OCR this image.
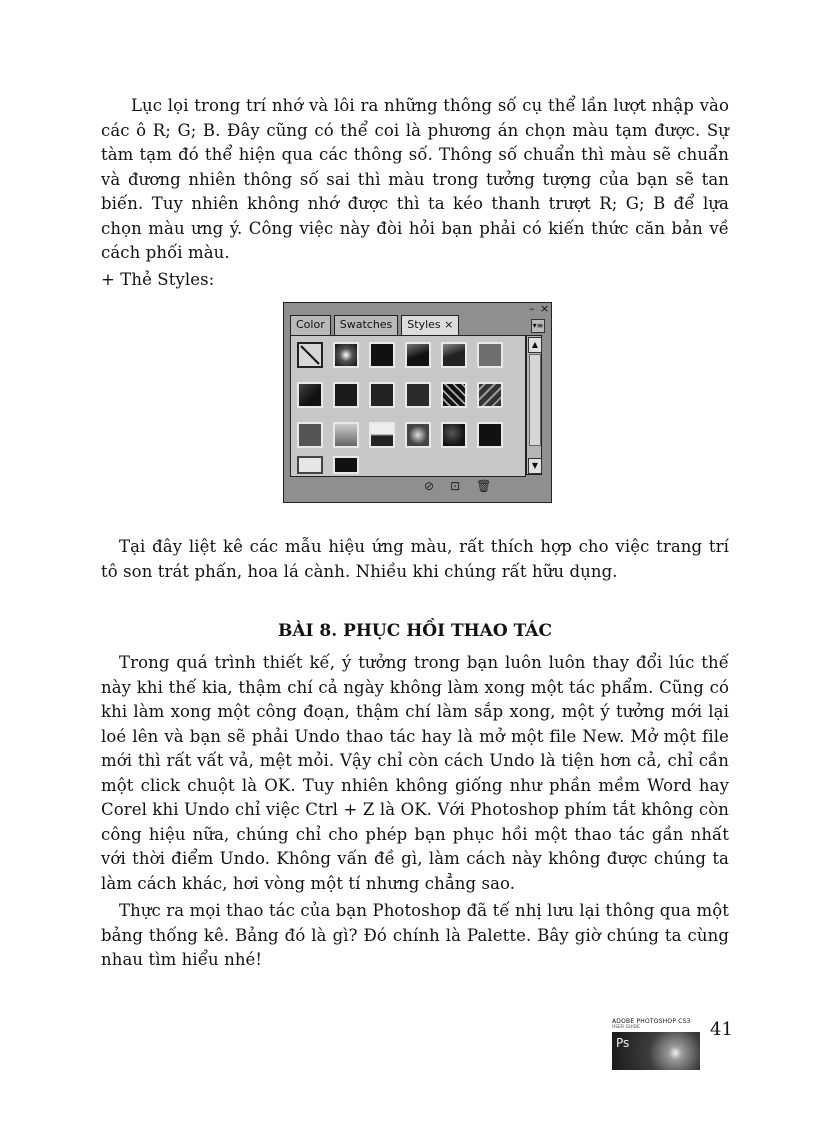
Lục lọi trong trí nhớ và lôi ra những thông số cụ thể lần lượt nhập vào các ô R; G; B. Đây cũng có thể coi là phương án chọn màu tạm được. Sự tàm tạm đó thể hiện qua các thông số. Thông số chuẩn thì màu sẽ chuẩn và đương nhiên thông số sai thì màu trong tưởng tượng của bạn sẽ tan biến. Tuy nhiên không nhớ được thì ta kéo thanh trượt R; G; B để lựa chọn màu ưng ý. Công việc này đòi hỏi bạn phải có kiến thức căn bản về cách phối màu.

+ Thẻ Styles:

– ×
Color	Swatches	Styles ×	▾≡
▲
▼
⊘ ⊡ 🗑

Tại đây liệt kê các mẫu hiệu ứng màu, rất thích hợp cho việc trang trí tô son trát phấn, hoa lá cành. Nhiều khi chúng rất hữu dụng.

BÀI 8. PHỤC HỒI THAO TÁC

Trong quá trình thiết kế, ý tưởng trong bạn luôn luôn thay đổi lúc thế này khi thế kia, thậm chí cả ngày không làm xong một tác phẩm. Cũng có khi làm xong một công đoạn, thậm chí làm sắp xong, một ý tưởng mới lại loé lên và bạn sẽ phải Undo thao tác hay là mở một file New. Mở một file mới thì rất vất vả, mệt mỏi. Vậy chỉ còn cách Undo là tiện hơn cả, chỉ cần một click chuột là OK. Tuy nhiên không giống như phần mềm Word hay Corel khi Undo chỉ việc Ctrl + Z là OK. Với Photoshop phím tắt không còn công hiệu nữa, chúng chỉ cho phép bạn phục hồi một thao tác gần nhất với thời điểm Undo. Không vấn đề gì, làm cách này không được chúng ta làm cách khác, hơi vòng một tí nhưng chẳng sao.

Thực ra mọi thao tác của bạn Photoshop đã tế nhị lưu lại thông qua một bảng thống kê. Bảng đó là gì? Đó chính là Palette. Bây giờ chúng ta cùng nhau tìm hiểu nhé!

ADOBE PHOTOSHOP CS3
USER GUIDE
Ps
41
